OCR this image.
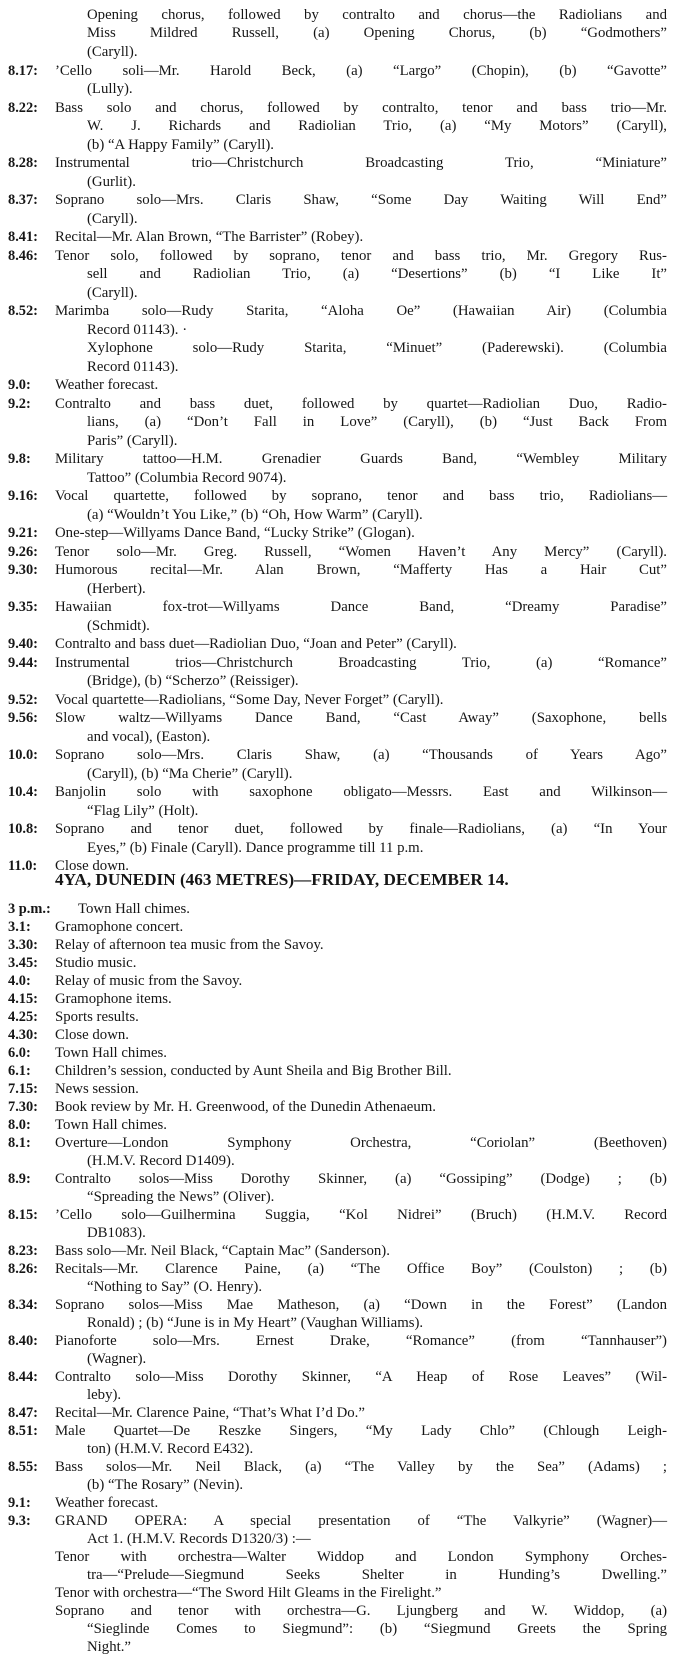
Opening chorus, followed by contralto and chorus—the Radiolians and
Miss Mildred Russell, (a) Opening Chorus, (b) “Godmothers”
(Caryll).
8.17: ’Cello soli—Mr. Harold Beck, (a) “Largo” (Chopin), (b) “Gavotte”
(Lully).
8.22: Bass solo and chorus, followed by contralto, tenor and bass trio—Mr.
W. J. Richards and Radiolian Trio, (a) “My Motors” (Caryll),
(b) “A Happy Family” (Caryll).
8.28: Instrumental trio—Christchurch Broadcasting Trio, “Miniature”
(Gurlit).
8.37: Soprano solo—Mrs. Claris Shaw, “Some Day Waiting Will End”
(Caryll).
8.41: Recital—Mr. Alan Brown, “The Barrister” (Robey).
8.46: Tenor solo, followed by soprano, tenor and bass trio, Mr. Gregory Rus-
sell and Radiolian Trio, (a) “Desertions” (b) “I Like It”
(Caryll).
8.52: Marimba solo—Rudy Starita, “Aloha Oe” (Hawaiian Air) (Columbia
Record 01143). ·
Xylophone solo—Rudy Starita, “Minuet” (Paderewski). (Columbia
Record 01143).
9.0: Weather forecast.
9.2: Contralto and bass duet, followed by quartet—Radiolian Duo, Radio-
lians, (a) “Don’t Fall in Love” (Caryll), (b) “Just Back From
Paris” (Caryll).
9.8: Military tattoo—H.M. Grenadier Guards Band, “Wembley Military
Tattoo” (Columbia Record 9074).
9.16: Vocal quartette, followed by soprano, tenor and bass trio, Radiolians—
(a) “Wouldn’t You Like,” (b) “Oh, How Warm” (Caryll).
9.21: One-step—Willyams Dance Band, “Lucky Strike” (Glogan).
9.26: Tenor solo—Mr. Greg. Russell, “Women Haven’t Any Mercy” (Caryll).
9.30: Humorous recital—Mr. Alan Brown, “Mafferty Has a Hair Cut”
(Herbert).
9.35: Hawaiian fox-trot—Willyams Dance Band, “Dreamy Paradise”
(Schmidt).
9.40: Contralto and bass duet—Radiolian Duo, “Joan and Peter” (Caryll).
9.44: Instrumental trios—Christchurch Broadcasting Trio, (a) “Romance”
(Bridge), (b) “Scherzo” (Reissiger).
9.52: Vocal quartette—Radiolians, “Some Day, Never Forget” (Caryll).
9.56: Slow waltz—Willyams Dance Band, “Cast Away” (Saxophone, bells
and vocal), (Easton).
10.0: Soprano solo—Mrs. Claris Shaw, (a) “Thousands of Years Ago”
(Caryll), (b) “Ma Cherie” (Caryll).
10.4: Banjolin solo with saxophone obligato—Messrs. East and Wilkinson—
“Flag Lily” (Holt).
10.8: Soprano and tenor duet, followed by finale—Radiolians, (a) “In Your
Eyes,” (b) Finale (Caryll). Dance programme till 11 p.m.
11.0: Close down.
4YA, DUNEDIN (463 METRES)—FRIDAY, DECEMBER 14.
3 p.m.: Town Hall chimes.
3.1: Gramophone concert.
3.30: Relay of afternoon tea music from the Savoy.
3.45: Studio music.
4.0: Relay of music from the Savoy.
4.15: Gramophone items.
4.25: Sports results.
4.30: Close down.
6.0: Town Hall chimes.
6.1: Children’s session, conducted by Aunt Sheila and Big Brother Bill.
7.15: News session.
7.30: Book review by Mr. H. Greenwood, of the Dunedin Athenaeum.
8.0: Town Hall chimes.
8.1: Overture—London Symphony Orchestra, “Coriolan” (Beethoven)
(H.M.V. Record D1409).
8.9: Contralto solos—Miss Dorothy Skinner, (a) “Gossiping” (Dodge) ; (b)
“Spreading the News” (Oliver).
8.15: ’Cello solo—Guilhermina Suggia, “Kol Nidrei” (Bruch) (H.M.V. Record
DB1083).
8.23: Bass solo—Mr. Neil Black, “Captain Mac” (Sanderson).
8.26: Recitals—Mr. Clarence Paine, (a) “The Office Boy” (Coulston) ; (b)
“Nothing to Say” (O. Henry).
8.34: Soprano solos—Miss Mae Matheson, (a) “Down in the Forest” (Landon
Ronald) ; (b) “June is in My Heart” (Vaughan Williams).
8.40: Pianoforte solo—Mrs. Ernest Drake, “Romance” (from “Tannhauser”)
(Wagner).
8.44: Contralto solo—Miss Dorothy Skinner, “A Heap of Rose Leaves” (Wil-
leby).
8.47: Recital—Mr. Clarence Paine, “That’s What I’d Do.”
8.51: Male Quartet—De Reszke Singers, “My Lady Chlo” (Chlough Leigh-
ton) (H.M.V. Record E432).
8.55: Bass solos—Mr. Neil Black, (a) “The Valley by the Sea” (Adams) ;
(b) “The Rosary” (Nevin).
9.1: Weather forecast.
9.3: GRAND OPERA: A special presentation of “The Valkyrie” (Wagner)—
Act 1. (H.M.V. Records D1320/3) :—
Tenor with orchestra—Walter Widdop and London Symphony Orches-
tra—“Prelude—Siegmund Seeks Shelter in Hunding’s Dwelling.”
Tenor with orchestra—“The Sword Hilt Gleams in the Firelight.”
Soprano and tenor with orchestra—G. Ljungberg and W. Widdop, (a)
“Sieglinde Comes to Siegmund”: (b) “Siegmund Greets the Spring
Night.”
